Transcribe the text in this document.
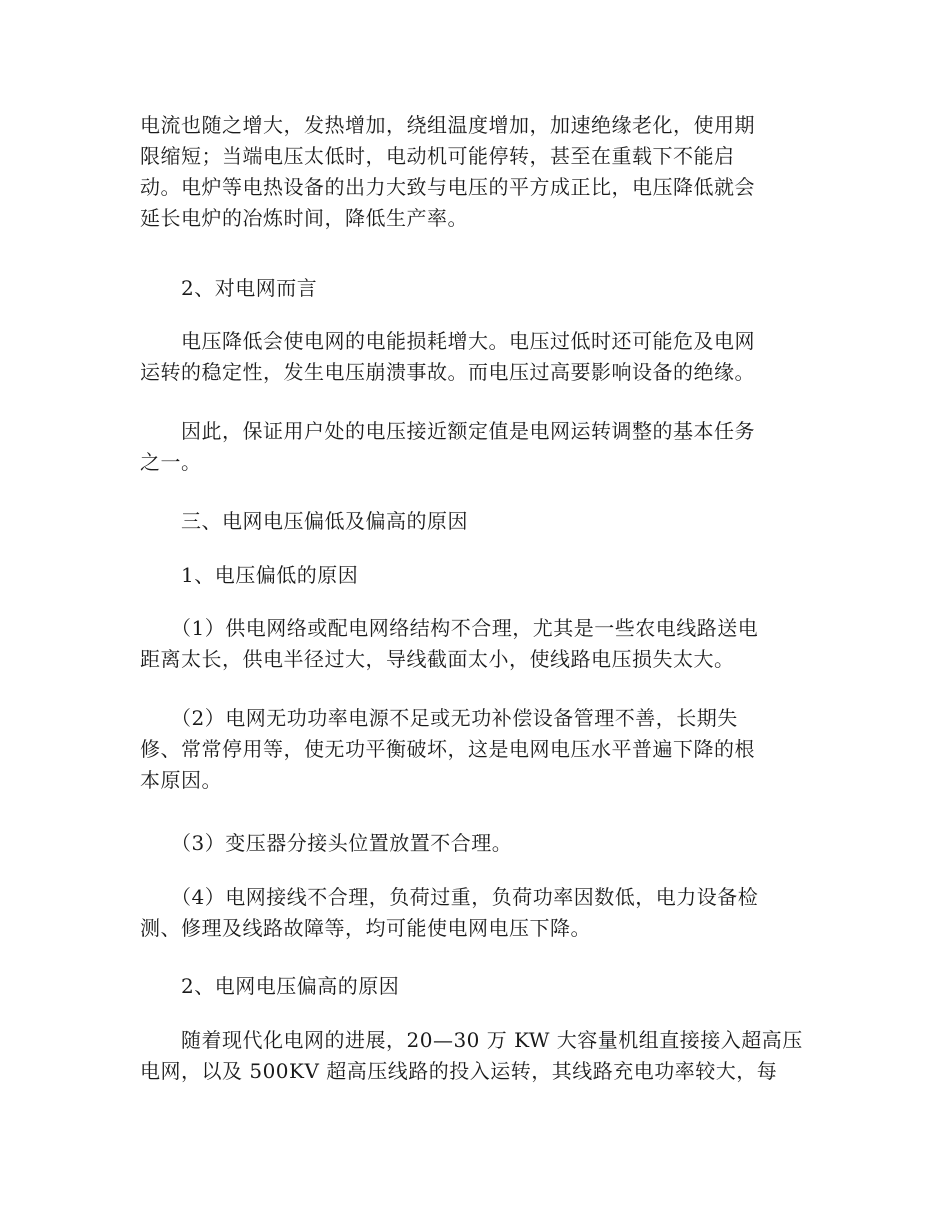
电流也随之增大，发热增加，绕组温度增加，加速绝缘老化，使用期
限缩短；当端电压太低时，电动机可能停转，甚至在重载下不能启
动。电炉等电热设备的出力大致与电压的平方成正比，电压降低就会
延长电炉的冶炼时间，降低生产率。

　　2、对电网而言

　　电压降低会使电网的电能损耗增大。电压过低时还可能危及电网
运转的稳定性，发生电压崩溃事故。而电压过高要影响设备的绝缘。

　　因此，保证用户处的电压接近额定值是电网运转调整的基本任务
之一。

　　三、电网电压偏低及偏高的原因

　　1、电压偏低的原因

　　（1）供电网络或配电网络结构不合理，尤其是一些农电线路送电
距离太长，供电半径过大，导线截面太小，使线路电压损失太大。

　　（2）电网无功功率电源不足或无功补偿设备管理不善，长期失
修、常常停用等，使无功平衡破坏，这是电网电压水平普遍下降的根
本原因。

　　（3）变压器分接头位置放置不合理。

　　（4）电网接线不合理，负荷过重，负荷功率因数低，电力设备检
测、修理及线路故障等，均可能使电网电压下降。

　　2、电网电压偏高的原因

　　随着现代化电网的进展，20—30 万 KW 大容量机组直接接入超高压
电网，以及 500KV 超高压线路的投入运转，其线路充电功率较大，每
